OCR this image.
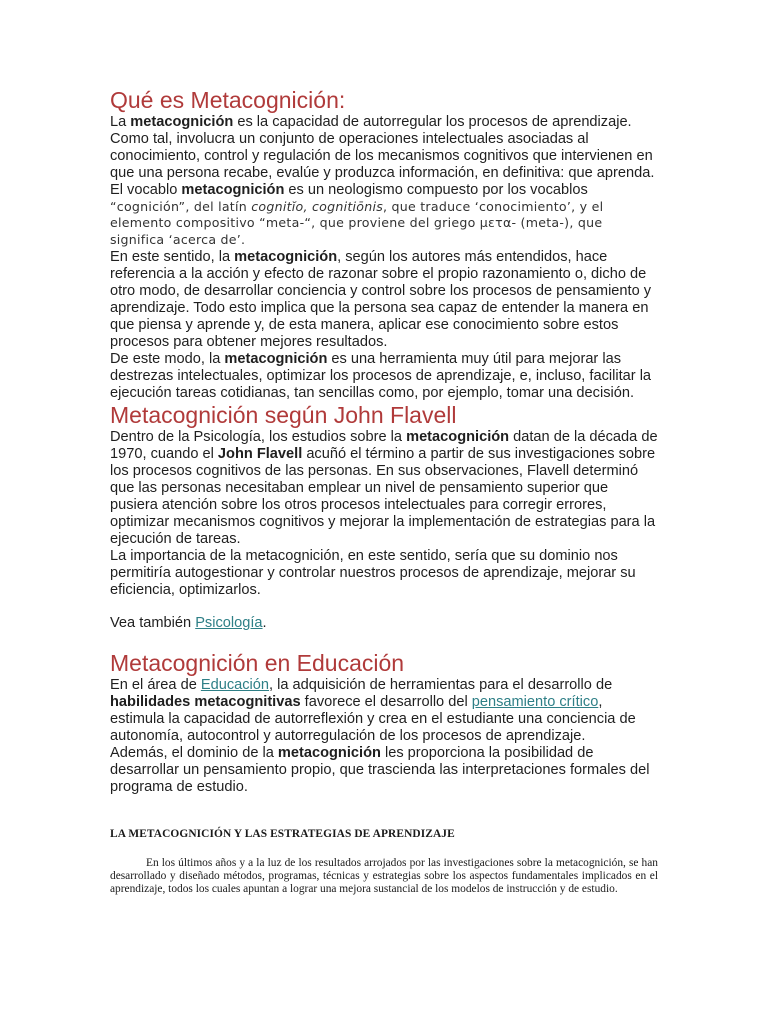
Qué es Metacognición:

La metacognición es la capacidad de autorregular los procesos de aprendizaje. Como tal, involucra un conjunto de operaciones intelectuales asociadas al conocimiento, control y regulación de los mecanismos cognitivos que intervienen en que una persona recabe, evalúe y produzca información, en definitiva: que aprenda.

El vocablo metacognición es un neologismo compuesto por los vocablos

“cognición”, del latín cognitĭo, cognitiōnis, que traduce ‘conocimiento’, y el elemento compositivo “meta-“, que proviene del griego μετα- (meta-), que significa ‘acerca de’.

En este sentido, la metacognición, según los autores más entendidos, hace referencia a la acción y efecto de razonar sobre el propio razonamiento o, dicho de otro modo, de desarrollar conciencia y control sobre los procesos de pensamiento y aprendizaje. Todo esto implica que la persona sea capaz de entender la manera en que piensa y aprende y, de esta manera, aplicar ese conocimiento sobre estos procesos para obtener mejores resultados.

De este modo, la metacognición es una herramienta muy útil para mejorar las destrezas intelectuales, optimizar los procesos de aprendizaje, e, incluso, facilitar la ejecución tareas cotidianas, tan sencillas como, por ejemplo, tomar una decisión.

Metacognición según John Flavell

Dentro de la Psicología, los estudios sobre la metacognición datan de la década de 1970, cuando el John Flavell acuñó el término a partir de sus investigaciones sobre los procesos cognitivos de las personas. En sus observaciones, Flavell determinó que las personas necesitaban emplear un nivel de pensamiento superior que pusiera atención sobre los otros procesos intelectuales para corregir errores, optimizar mecanismos cognitivos y mejorar la implementación de estrategias para la ejecución de tareas.

La importancia de la metacognición, en este sentido, sería que su dominio nos permitiría autogestionar y controlar nuestros procesos de aprendizaje, mejorar su eficiencia, optimizarlos.

Vea también Psicología.

Metacognición en Educación

En el área de Educación, la adquisición de herramientas para el desarrollo de habilidades metacognitivas favorece el desarrollo del pensamiento crítico, estimula la capacidad de autorreflexión y crea en el estudiante una conciencia de autonomía, autocontrol y autorregulación de los procesos de aprendizaje.

Además, el dominio de la metacognición les proporciona la posibilidad de desarrollar un pensamiento propio, que trascienda las interpretaciones formales del programa de estudio.

LA METACOGNICIÓN Y LAS ESTRATEGIAS DE APRENDIZAJE

En los últimos años y a la luz de los resultados arrojados por las investigaciones sobre la metacognición, se han desarrollado y diseñado métodos, programas, técnicas y estrategias sobre los aspectos fundamentales implicados en el aprendizaje, todos los cuales apuntan a lograr una mejora sustancial de los modelos de instrucción y de estudio.
